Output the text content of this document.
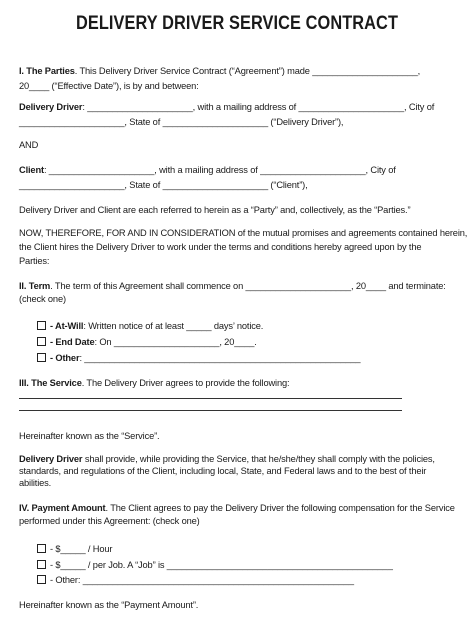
DELIVERY DRIVER SERVICE CONTRACT
I. The Parties. This Delivery Driver Service Contract (“Agreement”) made _____________________,
20____ (“Effective Date”), is by and between:
Delivery Driver: _____________________, with a mailing address of _____________________, City of
_____________________, State of _____________________ (“Delivery Driver”),
AND
Client: _____________________, with a mailing address of _____________________, City of
_____________________, State of _____________________ (“Client”),
Delivery Driver and Client are each referred to herein as a “Party” and, collectively, as the “Parties.”
NOW, THEREFORE, FOR AND IN CONSIDERATION of the mutual promises and agreements contained herein,
the Client hires the Delivery Driver to work under the terms and conditions hereby agreed upon by the
Parties:
II. Term. The term of this Agreement shall commence on _____________________, 20____ and terminate:
(check one)
- At-Will: Written notice of at least _____ days’ notice.
- End Date: On _____________________, 20____.
- Other: _______________________________________________________
III. The Service. The Delivery Driver agrees to provide the following:
Hereinafter known as the “Service”.
Delivery Driver shall provide, while providing the Service, that he/she/they shall comply with the policies,
standards, and regulations of the Client, including local, State, and Federal laws and to the best of their
abilities.
IV. Payment Amount. The Client agrees to pay the Delivery Driver the following compensation for the Service
performed under this Agreement: (check one)
- $_____ / Hour
- $_____ / per Job. A “Job” is _____________________________________________
- Other: ______________________________________________________
Hereinafter known as the “Payment Amount”.
